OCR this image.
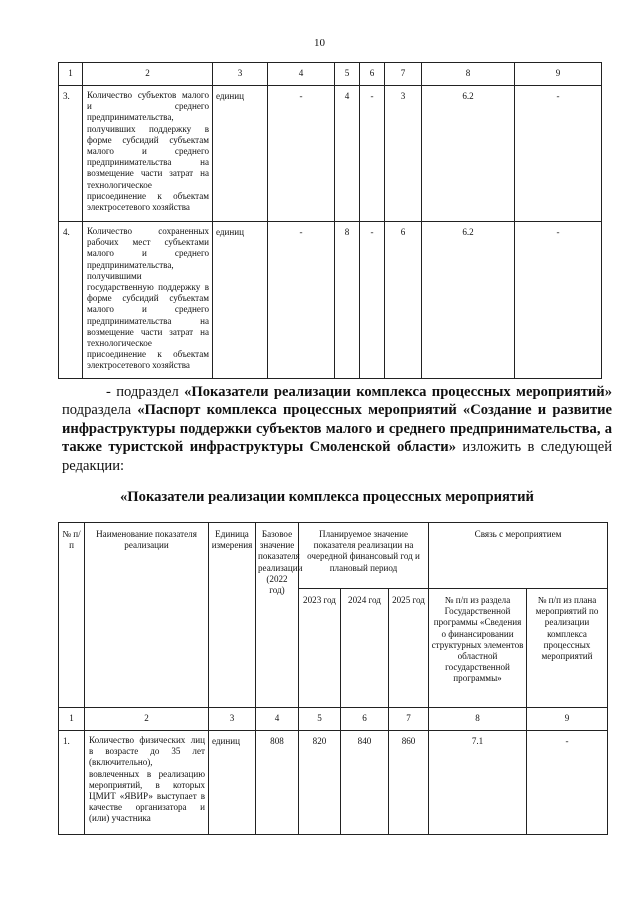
10
1	2	3	4	5	6	7	8	9
3.	Количество субъектов малого и среднего предпринимательства, получивших поддержку в форме субсидий субъектам малого и среднего предпринимательства на возмещение части затрат на технологическое присоединение к объектам электросетевого хозяйства	единиц	-	4	-	3	6.2	-
4.	Количество сохраненных рабочих мест субъектами малого и среднего предпринимательства, получившими государственную поддержку в форме субсидий субъектам малого и среднего предпринимательства на возмещение части затрат на технологическое присоединение к объектам электросетевого хозяйства	единиц	-	8	-	6	6.2	-

- подраздел «Показатели реализации комплекса процессных мероприятий» подраздела «Паспорт комплекса процессных мероприятий «Создание и развитие инфраструктуры поддержки субъектов малого и среднего предпринимательства, а также туристской инфраструктуры Смоленской области» изложить в следующей редакции:

«Показатели реализации комплекса процессных мероприятий
№ п/п	Наименование показателя реализации	Единица измерения	Базовое значение показателя реализации (2022 год)	Планируемое значение показателя реализации на очередной финансовый год и плановый период			Связь с мероприятием	
				2023 год	2024 год	2025 год	№ п/п из раздела Государственной программы «Сведения о финансировании структурных элементов областной государственной программы»	№ п/п из плана мероприятий по реализации комплекса процессных мероприятий
1	2	3	4	5	6	7	8	9
1.	Количество физических лиц в возрасте до 35 лет (включительно), вовлеченных в реализацию мероприятий, в которых ЦМИТ «ЯВИР» выступает в качестве организатора и (или) участника	единиц	808	820	840	860	7.1	-
